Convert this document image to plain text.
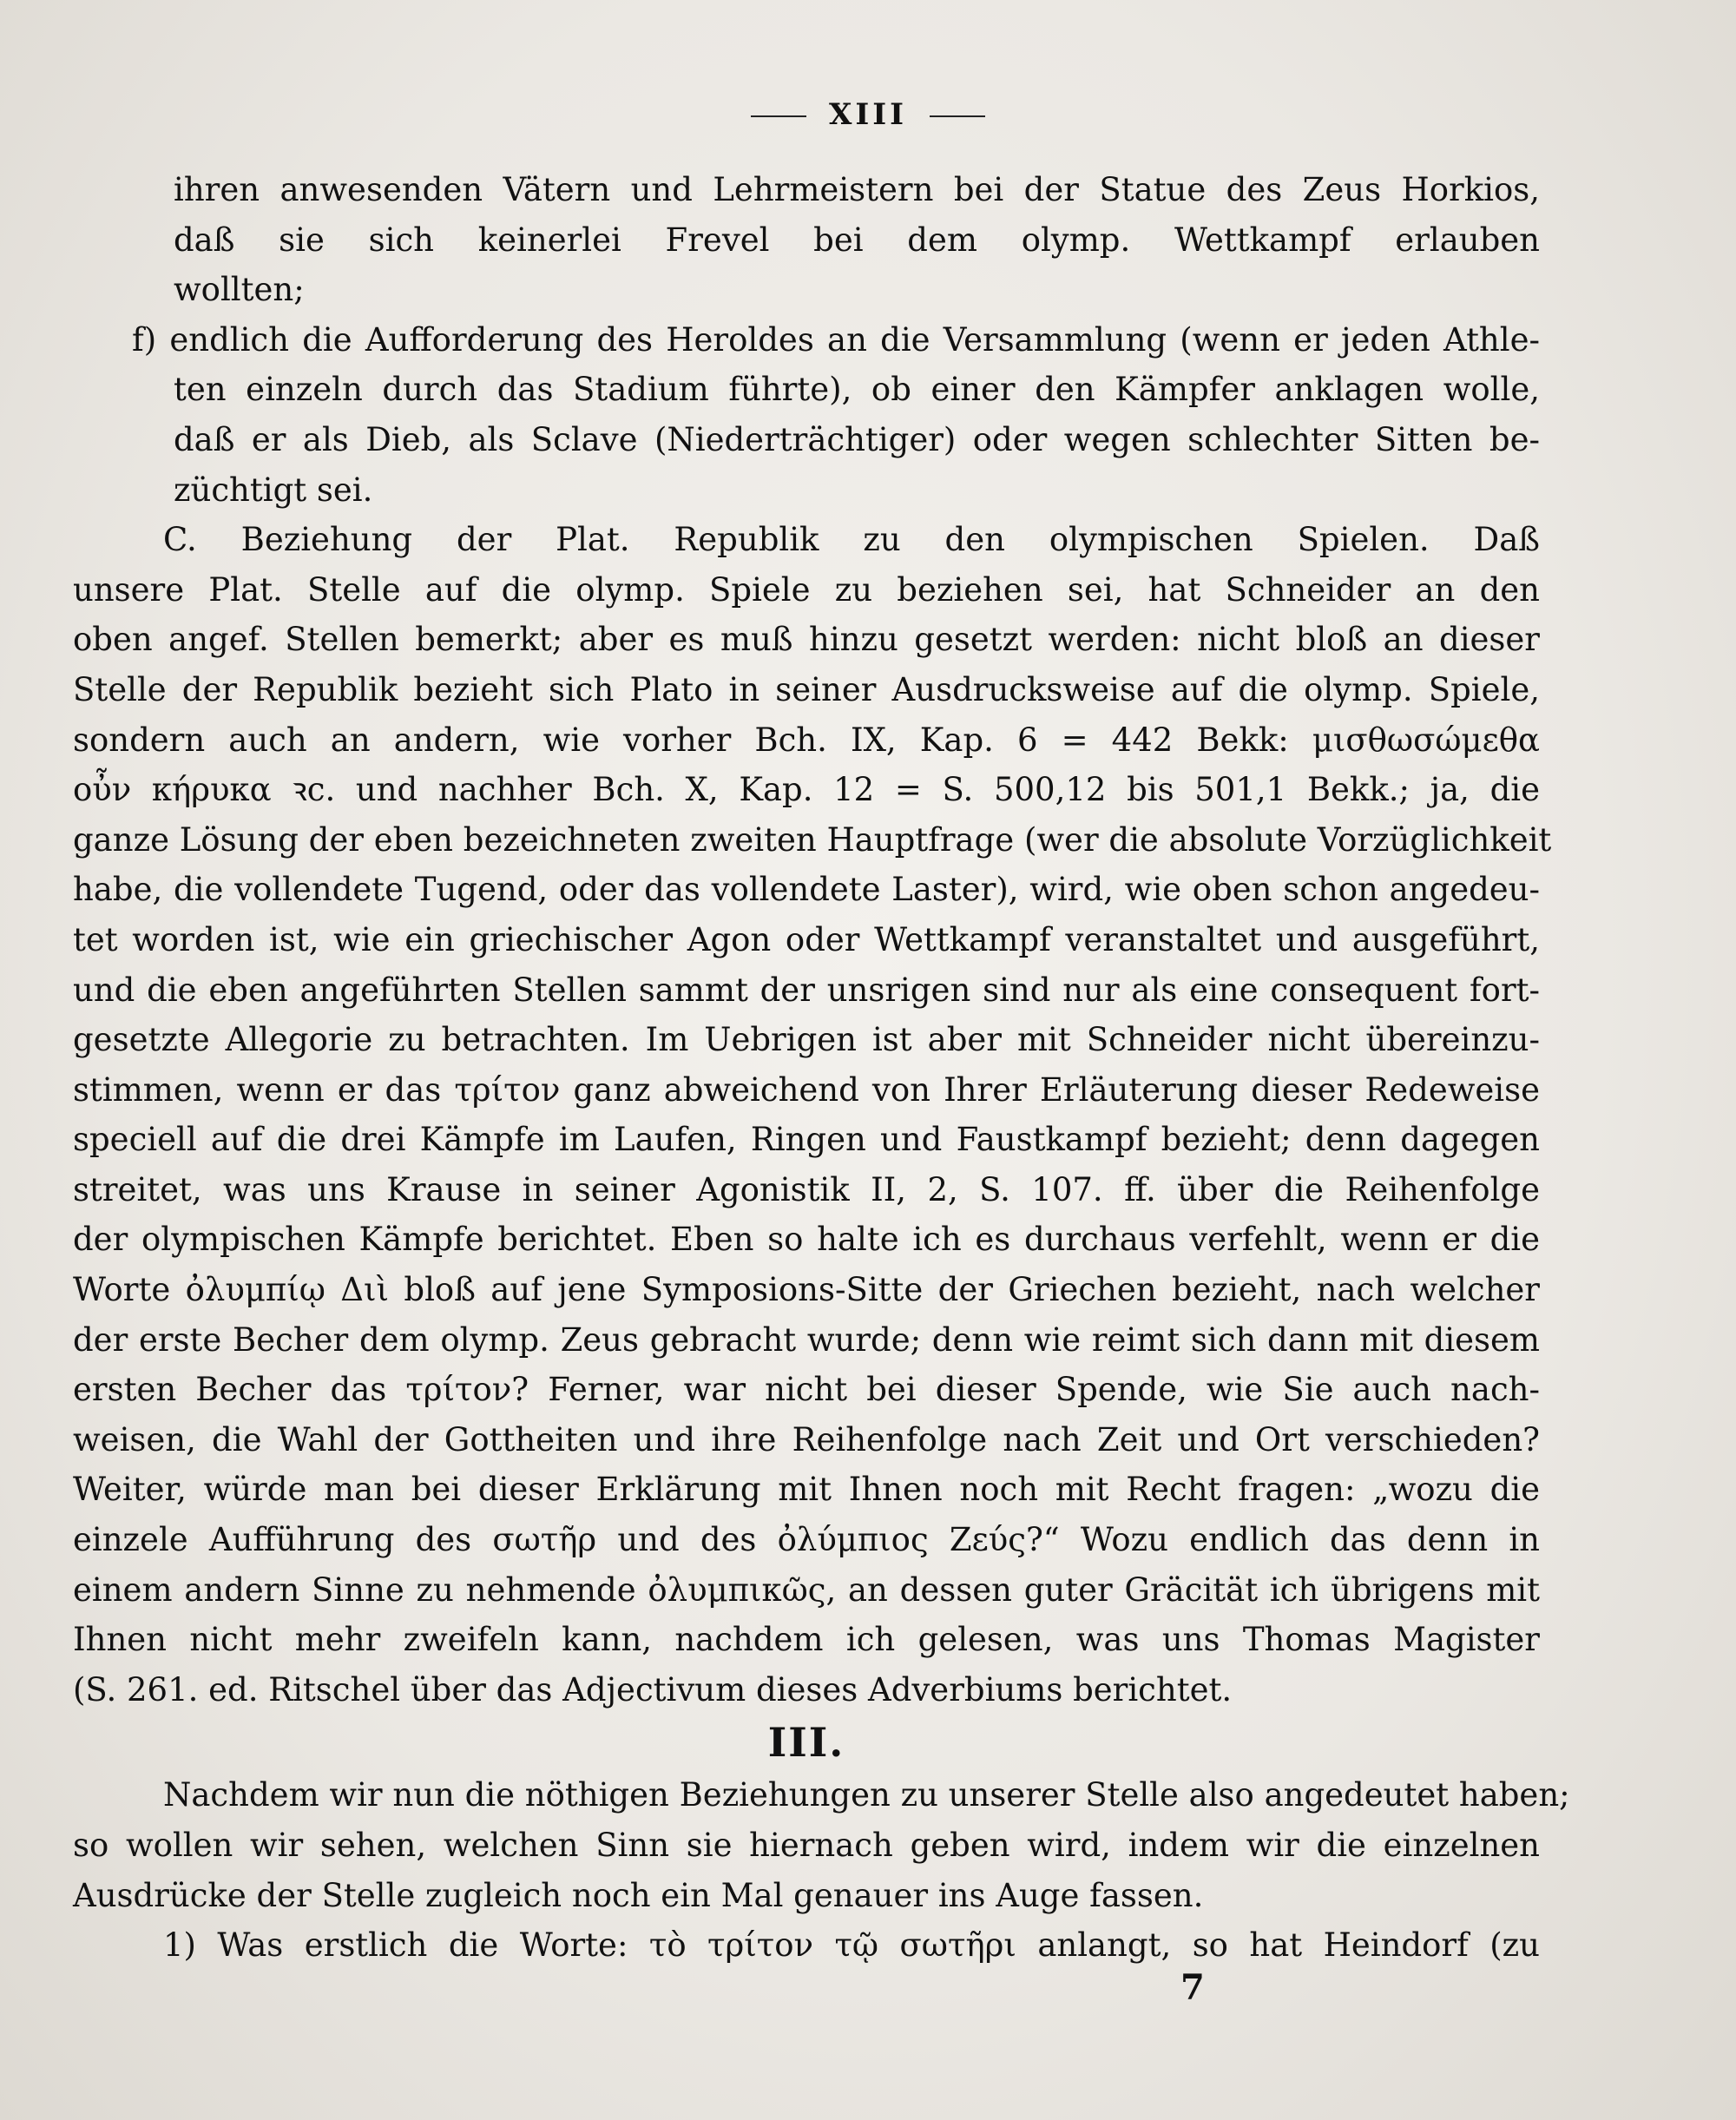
XIII
ihren anwesenden Vätern und Lehrmeistern bei der Statue des Zeus Horkios,
daß sie sich keinerlei Frevel bei dem olymp. Wettkampf erlauben
wollten;
f) endlich die Aufforderung des Heroldes an die Versammlung (wenn er jeden Athle-
ten einzeln durch das Stadium führte), ob einer den Kämpfer anklagen wolle,
daß er als Dieb, als Sclave (Niederträchtiger) oder wegen schlechter Sitten be-
züchtigt sei.
C. Beziehung der Plat. Republik zu den olympischen Spielen. Daß
unsere Plat. Stelle auf die olymp. Spiele zu beziehen sei, hat Schneider an den
oben angef. Stellen bemerkt; aber es muß hinzu gesetzt werden: nicht bloß an dieser
Stelle der Republik bezieht sich Plato in seiner Ausdrucksweise auf die olymp. Spiele,
sondern auch an andern, wie vorher Bch. IX, Kap. 6 = 442 Bekk: μισθωσώμεθα
οὖν κήρυκα ꝛc. und nachher Bch. X, Kap. 12 = S. 500,12 bis 501,1 Bekk.; ja, die
ganze Lösung der eben bezeichneten zweiten Hauptfrage (wer die absolute Vorzüglichkeit
habe, die vollendete Tugend, oder das vollendete Laster), wird, wie oben schon angedeu-
tet worden ist, wie ein griechischer Agon oder Wettkampf veranstaltet und ausgeführt,
und die eben angeführten Stellen sammt der unsrigen sind nur als eine consequent fort-
gesetzte Allegorie zu betrachten. Im Uebrigen ist aber mit Schneider nicht übereinzu-
stimmen, wenn er das τρίτον ganz abweichend von Ihrer Erläuterung dieser Redeweise
speciell auf die drei Kämpfe im Laufen, Ringen und Faustkampf bezieht; denn dagegen
streitet, was uns Krause in seiner Agonistik II, 2, S. 107. ff. über die Reihenfolge
der olympischen Kämpfe berichtet. Eben so halte ich es durchaus verfehlt, wenn er die
Worte ὀλυμπίῳ Διὶ bloß auf jene Symposions-Sitte der Griechen bezieht, nach welcher
der erste Becher dem olymp. Zeus gebracht wurde; denn wie reimt sich dann mit diesem
ersten Becher das τρίτον? Ferner, war nicht bei dieser Spende, wie Sie auch nach-
weisen, die Wahl der Gottheiten und ihre Reihenfolge nach Zeit und Ort verschieden?
Weiter, würde man bei dieser Erklärung mit Ihnen noch mit Recht fragen: „wozu die
einzele Aufführung des σωτῆρ und des ὀλύμπιος Ζεύς?“ Wozu endlich das denn in
einem andern Sinne zu nehmende ὀλυμπικῶς, an dessen guter Gräcität ich übrigens mit
Ihnen nicht mehr zweifeln kann, nachdem ich gelesen, was uns Thomas Magister
(S. 261. ed. Ritschel über das Adjectivum dieses Adverbiums berichtet.
III.
Nachdem wir nun die nöthigen Beziehungen zu unserer Stelle also angedeutet haben;
so wollen wir sehen, welchen Sinn sie hiernach geben wird, indem wir die einzelnen
Ausdrücke der Stelle zugleich noch ein Mal genauer ins Auge fassen.
1) Was erstlich die Worte: τὸ τρίτον τῷ σωτῆρι anlangt, so hat Heindorf (zu
7
